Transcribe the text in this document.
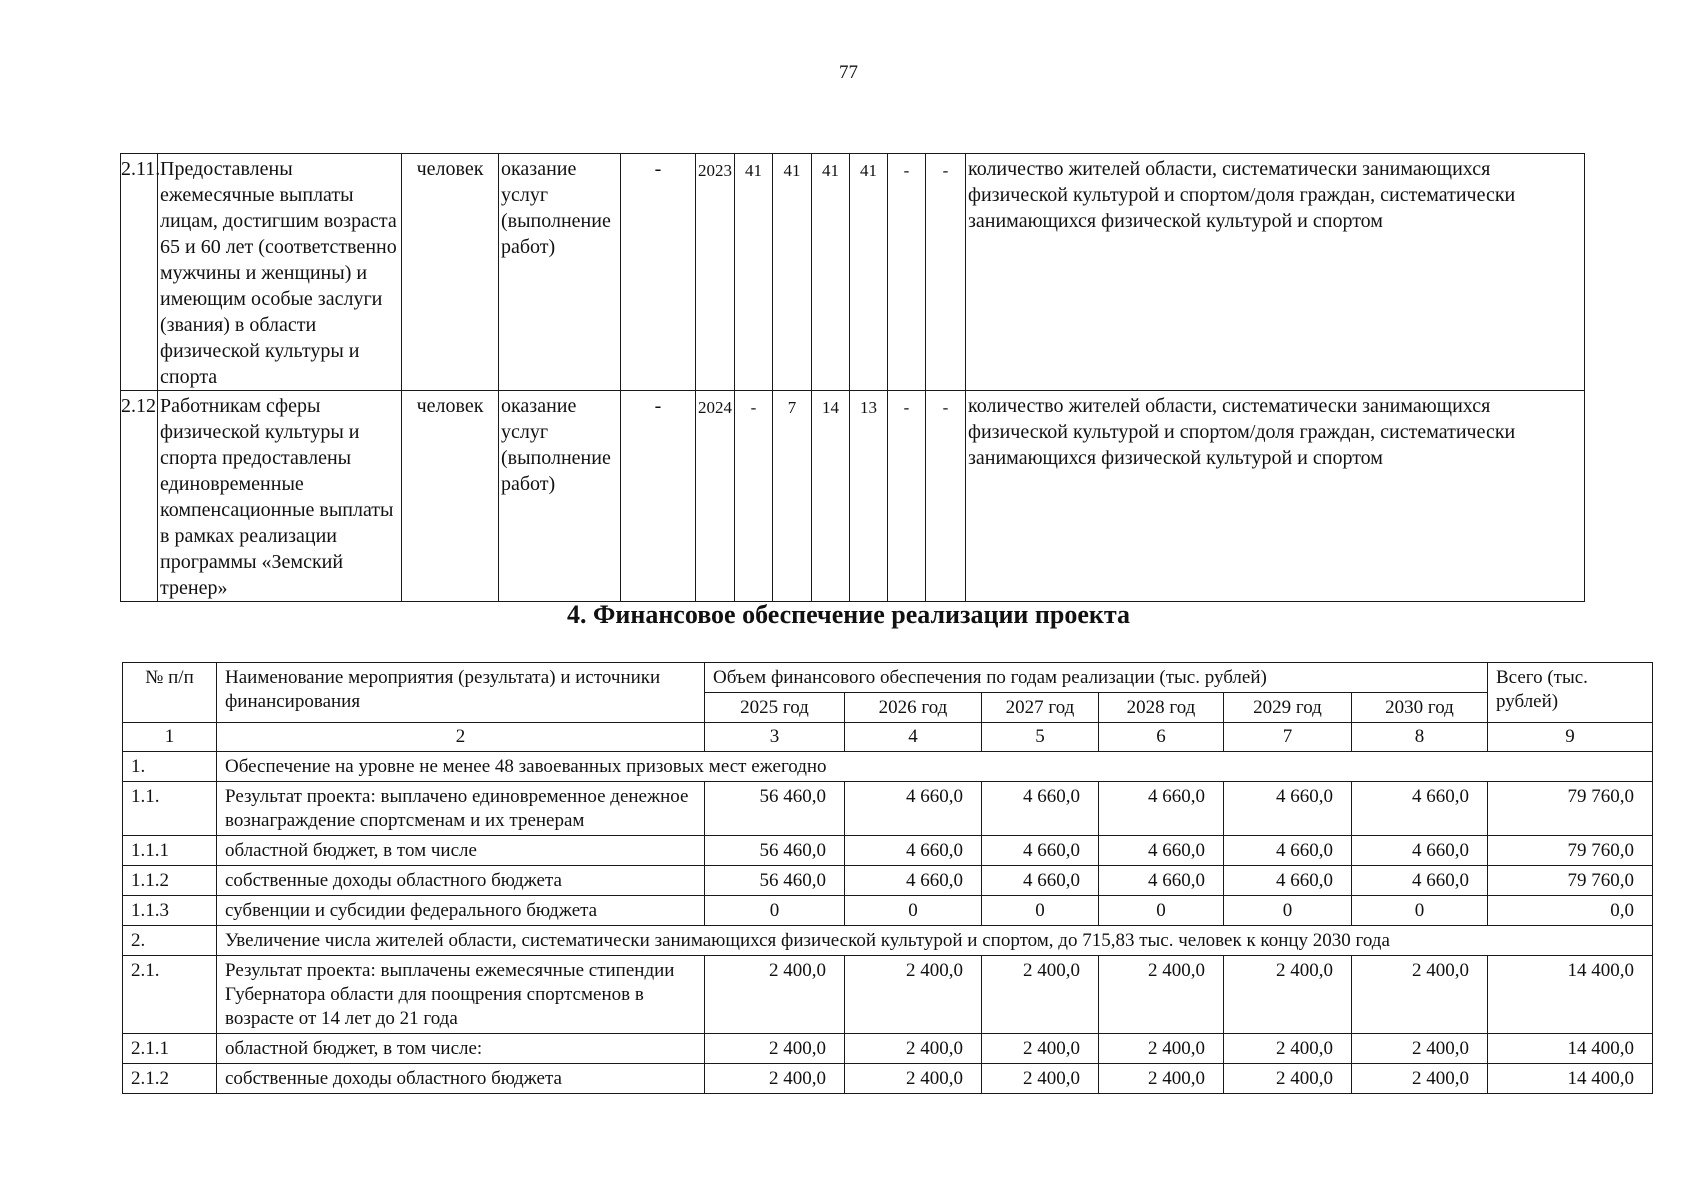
77
2.11.	Предоставлены ежемесячные выплаты лицам, достигшим возраста 65 и 60 лет (соответственно мужчины и женщины) и имеющим особые заслуги (звания) в области физической культуры и спорта	человек	оказание услуг (выполнение работ)	-	2023	41	41	41	41	-	-	количество жителей области, систематически занимающихся физической культурой и спортом/доля граждан, систематически занимающихся физической культурой и спортом
2.12	Работникам сферы физической культуры и спорта предоставлены единовременные компенсационные выплаты в рамках реализации программы «Земский тренер»	человек	оказание услуг (выполнение работ)	-	2024	-	7	14	13	-	-	количество жителей области, систематически занимающихся физической культурой и спортом/доля граждан, систематически занимающихся физической культурой и спортом
4. Финансовое обеспечение реализации проекта
№ п/п	Наименование мероприятия (результата) и источники финансирования	Объем финансового обеспечения по годам реализации (тыс. рублей)						Всего (тыс. рублей)
		2025 год	2026 год	2027 год	2028 год	2029 год	2030 год	
1	2	3	4	5	6	7	8	9
1.	Обеспечение на уровне не менее 48 завоеванных призовых мест ежегодно							
1.1.	Результат проекта: выплачено единовременное денежное вознаграждение спортсменам и их тренерам	56 460,0	4 660,0	4 660,0	4 660,0	4 660,0	4 660,0	79 760,0
1.1.1	областной бюджет, в том числе	56 460,0	4 660,0	4 660,0	4 660,0	4 660,0	4 660,0	79 760,0
1.1.2	собственные доходы областного бюджета	56 460,0	4 660,0	4 660,0	4 660,0	4 660,0	4 660,0	79 760,0
1.1.3	субвенции и субсидии федерального бюджета	0	0	0	0	0	0	0,0
2.	Увеличение числа жителей области, систематически занимающихся физической культурой и спортом, до 715,83 тыс. человек к концу 2030 года							
2.1.	Результат проекта: выплачены ежемесячные стипендии Губернатора области для поощрения спортсменов в возрасте от 14 лет до 21 года	2 400,0	2 400,0	2 400,0	2 400,0	2 400,0	2 400,0	14 400,0
2.1.1	областной бюджет, в том числе:	2 400,0	2 400,0	2 400,0	2 400,0	2 400,0	2 400,0	14 400,0
2.1.2	собственные доходы областного бюджета	2 400,0	2 400,0	2 400,0	2 400,0	2 400,0	2 400,0	14 400,0
